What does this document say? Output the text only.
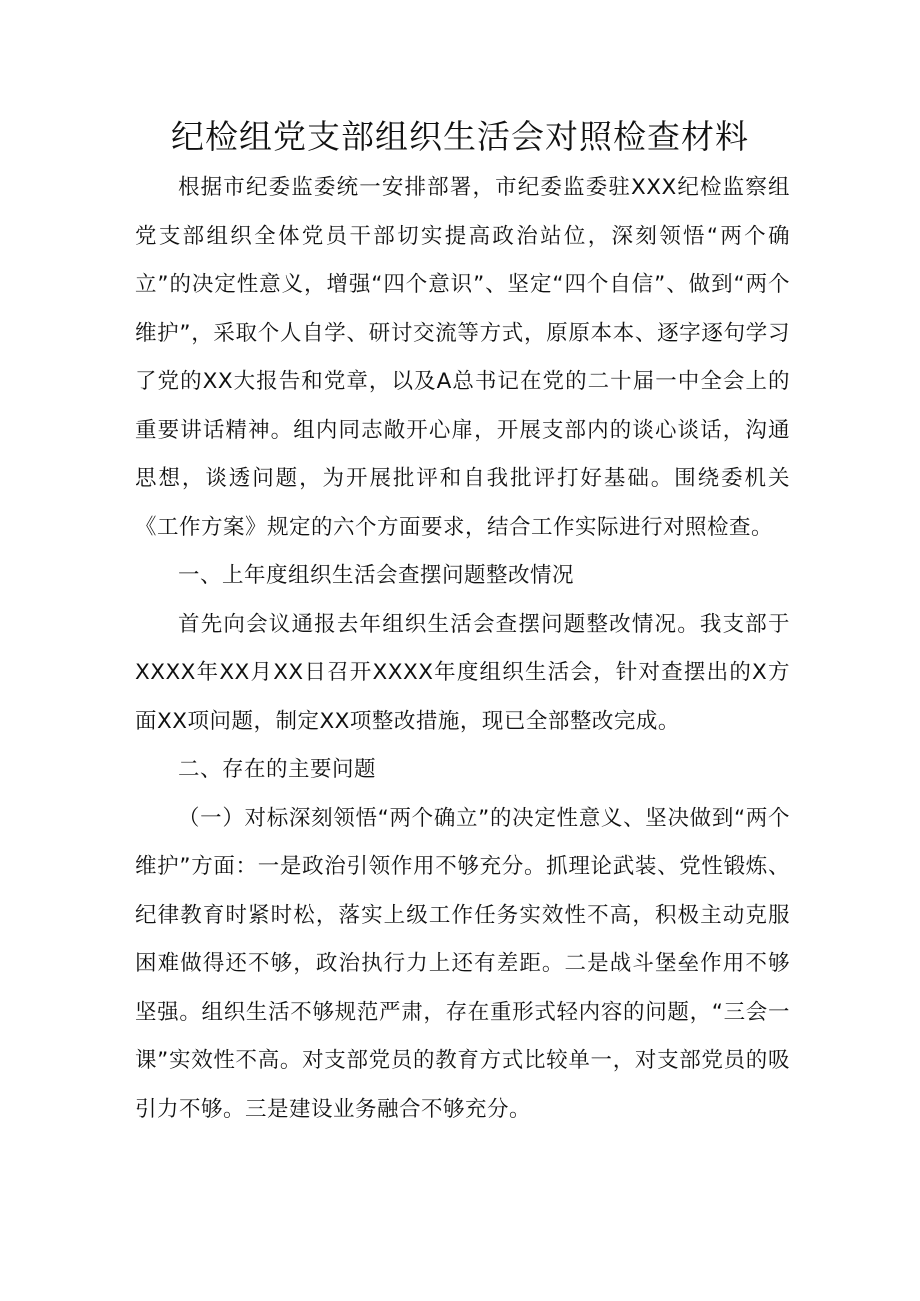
纪检组党支部组织生活会对照检查材料

根据市纪委监委统一安排部署，市纪委监委驻XXX纪检监察组党支部组织全体党员干部切实提高政治站位，深刻领悟“两个确立”的决定性意义，增强“四个意识”、坚定“四个自信”、做到“两个维护”，采取个人自学、研讨交流等方式，原原本本、逐字逐句学习了党的XX大报告和党章，以及A总书记在党的二十届一中全会上的重要讲话精神。组内同志敞开心扉，开展支部内的谈心谈话，沟通思想，谈透问题，为开展批评和自我批评打好基础。围绕委机关《工作方案》规定的六个方面要求，结合工作实际进行对照检查。

一、上年度组织生活会查摆问题整改情况

首先向会议通报去年组织生活会查摆问题整改情况。我支部于XXXX年XX月XX日召开XXXX年度组织生活会，针对查摆出的X方面XX项问题，制定XX项整改措施，现已全部整改完成。

二、存在的主要问题

（一）对标深刻领悟“两个确立”的决定性意义、坚决做到“两个维护”方面：一是政治引领作用不够充分。抓理论武装、党性锻炼、纪律教育时紧时松，落实上级工作任务实效性不高，积极主动克服困难做得还不够，政治执行力上还有差距。二是战斗堡垒作用不够坚强。组织生活不够规范严肃，存在重形式轻内容的问题，“三会一课”实效性不高。对支部党员的教育方式比较单一，对支部党员的吸引力不够。三是建设业务融合不够充分。
